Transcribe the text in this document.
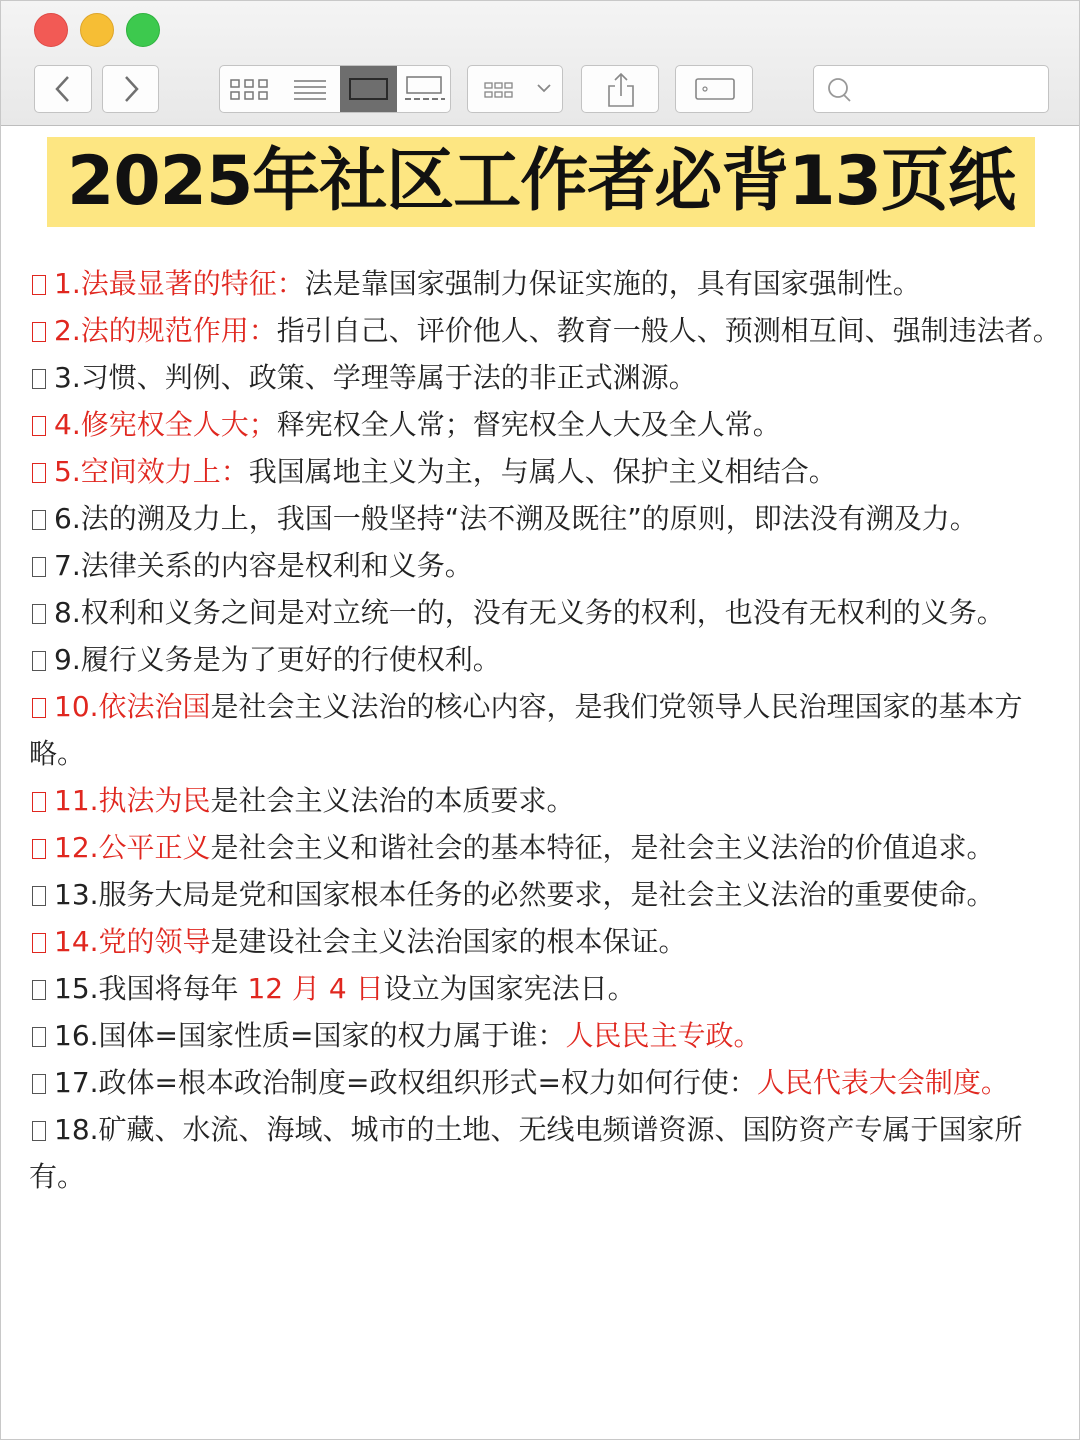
2025年社区工作者必背13页纸

1.法最显著的特征：法是靠国家强制力保证实施的，具有国家强制性。

2.法的规范作用：指引自己、评价他人、教育一般人、预测相互间、强制违法者。

3.习惯、判例、政策、学理等属于法的非正式渊源。

4.修宪权全人大；释宪权全人常；督宪权全人大及全人常。

5.空间效力上：我国属地主义为主，与属人、保护主义相结合。

6.法的溯及力上，我国一般坚持“法不溯及既往”的原则，即法没有溯及力。

7.法律关系的内容是权利和义务。

8.权利和义务之间是对立统一的，没有无义务的权利，也没有无权利的义务。

9.履行义务是为了更好的行使权利。

10.依法治国是社会主义法治的核心内容，是我们党领导人民治理国家的基本方略。

11.执法为民是社会主义法治的本质要求。

12.公平正义是社会主义和谐社会的基本特征，是社会主义法治的价值追求。

13.服务大局是党和国家根本任务的必然要求，是社会主义法治的重要使命。

14.党的领导是建设社会主义法治国家的根本保证。

15.我国将每年 12 月 4 日设立为国家宪法日。

16.国体=国家性质=国家的权力属于谁：人民民主专政。

17.政体=根本政治制度=政权组织形式=权力如何行使：人民代表大会制度。

18.矿藏、水流、海域、城市的土地、无线电频谱资源、国防资产专属于国家所有。
